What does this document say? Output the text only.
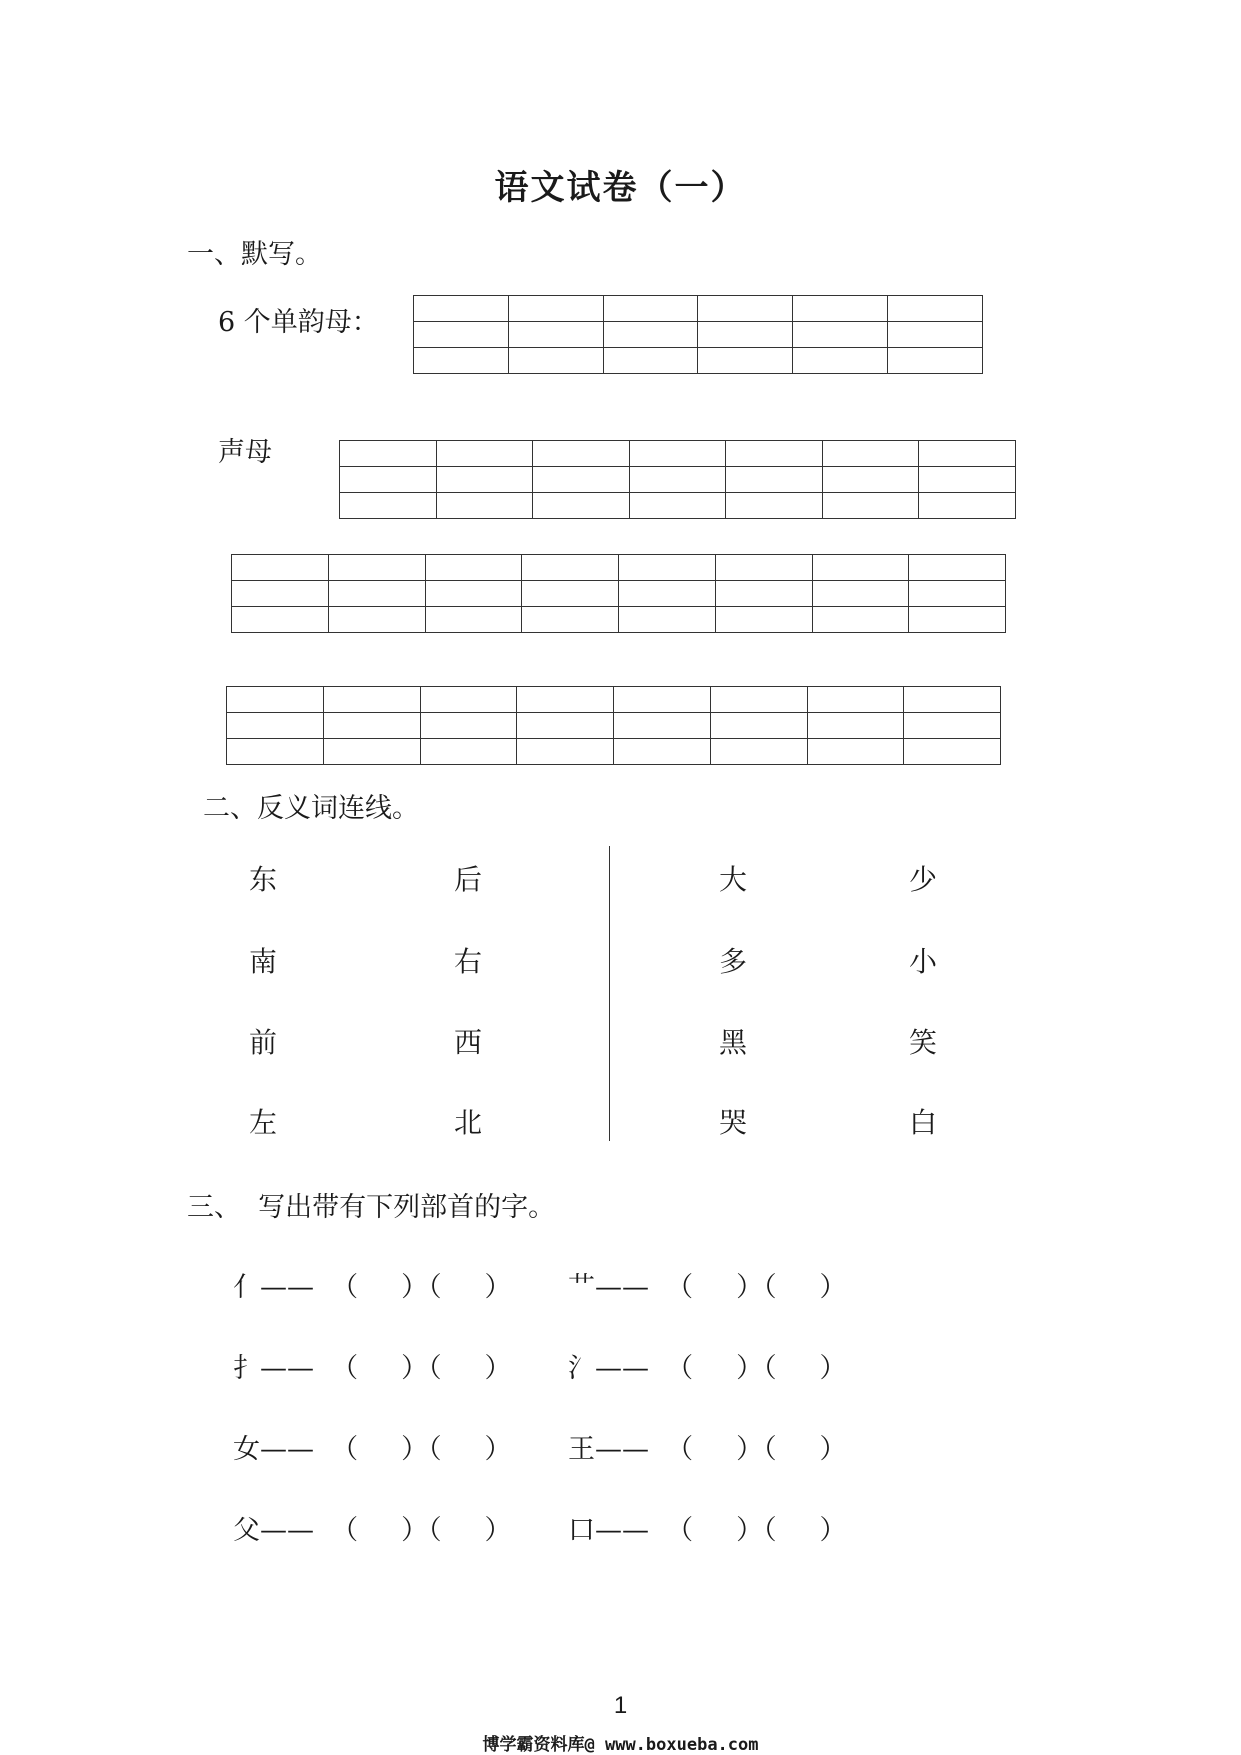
语文试卷（一）
一、默写。
6 个单韵母：

声母

二、反义词连线。
东	后	大	少
南	右	多	小
前	西	黑	笑
左	北	哭	白
三、  写出带有下列部首的字。
亻——  （     ）（     ） 艹——  （     ）（     ）
扌——  （     ）（     ） 氵——  （     ）（     ）
女——  （     ）（     ） 王——  （     ）（     ）
父——  （     ）（     ） 口——  （     ）（     ）
1
博学霸资料库@ www.boxueba.com
